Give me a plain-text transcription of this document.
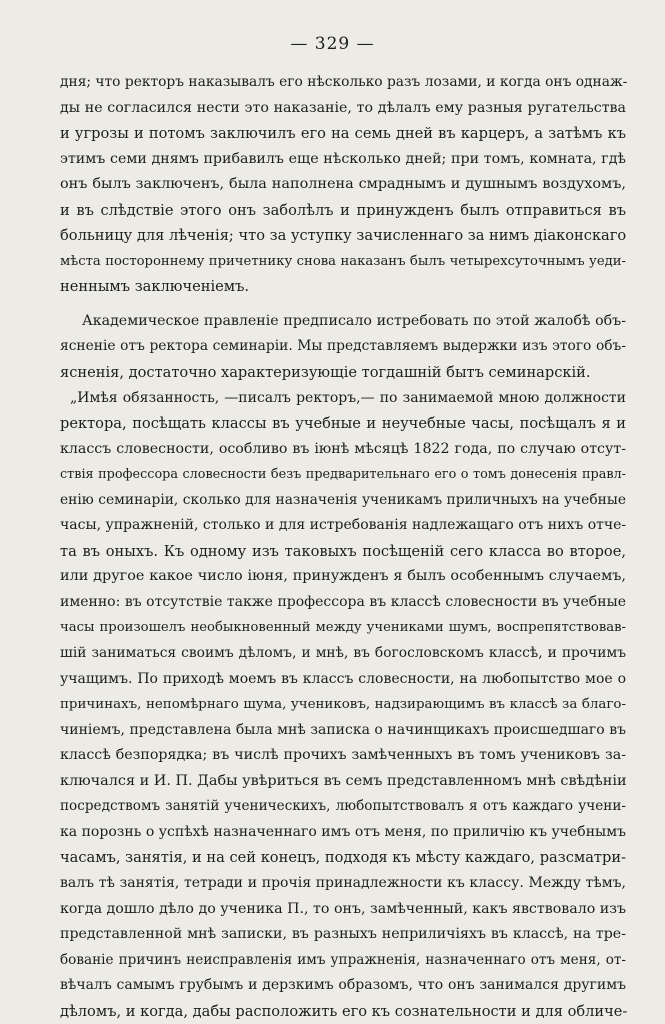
— 329 —
дня; что ректоръ наказывалъ его нѣсколько разъ лозами, и когда онъ однаж-
ды не согласился нести это наказаніе, то дѣлалъ ему разныя ругательства
и угрозы и потомъ заключилъ его на семь дней въ карцеръ, а затѣмъ къ
этимъ семи днямъ прибавилъ еще нѣсколько дней; при томъ, комната, гдѣ
онъ былъ заключенъ, была наполнена смраднымъ и душнымъ воздухомъ,
и въ слѣдствіе этого онъ заболѣлъ и принужденъ былъ отправиться въ
больницу для лѣченія; что за уступку зачисленнаго за нимъ діаконскаго
мѣста постороннему причетнику снова наказанъ былъ четырехсуточнымъ уеди-
неннымъ заключеніемъ.
Академическое правленіе предписало истребовать по этой жалобѣ объ-
ясненіе отъ ректора семинаріи. Мы представляемъ выдержки изъ этого объ-
ясненія, достаточно характеризующіе тогдашній бытъ семинарскій.
„Имѣя обязанность, —писалъ ректоръ,— по занимаемой мною должности
ректора, посѣщать классы въ учебные и неучебные часы, посѣщалъ я и
классъ словесности, особливо въ іюнѣ мѣсяцѣ 1822 года, по случаю отсут-
ствія профессора словесности безъ предварительнаго его о томъ донесенія правл-
енію семинаріи, сколько для назначенія ученикамъ приличныхъ на учебные
часы, упражненій, столько и для истребованія надлежащаго отъ нихъ отче-
та въ оныхъ. Къ одному изъ таковыхъ посѣщеній сего класса во второе,
или другое какое число іюня, принужденъ я былъ особеннымъ случаемъ,
именно: въ отсутствіе также профессора въ классѣ словесности въ учебные
часы произошелъ необыкновенный между учениками шумъ, воспрепятствовав-
шій заниматься своимъ дѣломъ, и мнѣ, въ богословскомъ классѣ, и прочимъ
учащимъ. По приходѣ моемъ въ классъ словесности, на любопытство мое о
причинахъ, непомѣрнаго шума, учениковъ, надзирающимъ въ классѣ за благо-
чиніемъ, представлена была мнѣ записка о начинщикахъ происшедшаго въ
классѣ безпорядка; въ числѣ прочихъ замѣченныхъ въ томъ учениковъ за-
ключался и И. П. Дабы увѣриться въ семъ представленномъ мнѣ свѣдѣніи
посредствомъ занятій ученическихъ, любопытствовалъ я отъ каждаго учени-
ка порознь о успѣхѣ назначеннаго имъ отъ меня, по приличію къ учебнымъ
часамъ, занятія, и на сей конецъ, подходя къ мѣсту каждаго, разсматри-
валъ тѣ занятія, тетради и прочія принадлежности къ классу. Между тѣмъ,
когда дошло дѣло до ученика П., то онъ, замѣченный, какъ явствовало изъ
представленной мнѣ записки, въ разныхъ неприличіяхъ въ классѣ, на тре-
бованіе причинъ неисправленія имъ упражненія, назначеннаго отъ меня, от-
вѣчалъ самымъ грубымъ и дерзкимъ образомъ, что онъ занимался другимъ
дѣломъ, и когда, дабы расположить его къ сознательности и для обличе-
